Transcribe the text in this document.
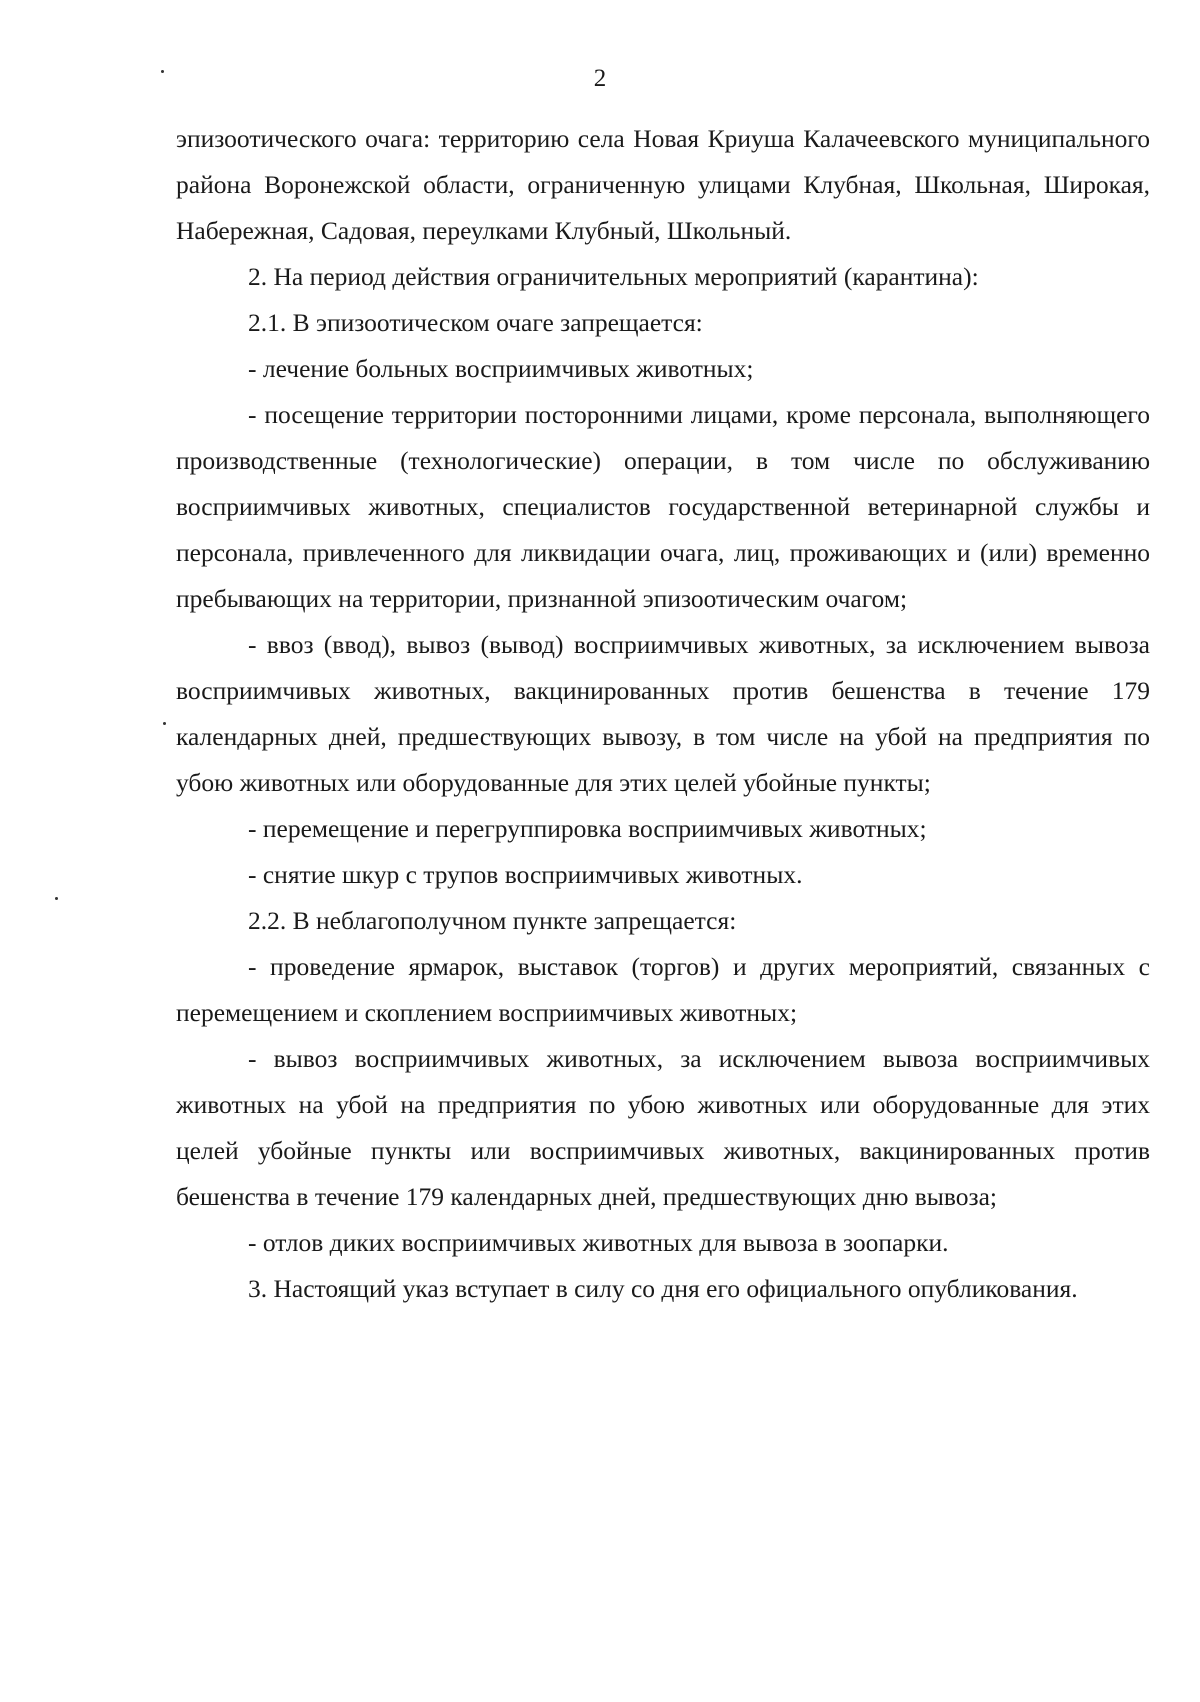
2

эпизоотического очага: территорию села Новая Криуша Калачеевского муниципального района Воронежской области, ограниченную улицами Клубная, Школьная, Широкая, Набережная, Садовая, переулками Клубный, Школьный.

2. На период действия ограничительных мероприятий (карантина):

2.1. В эпизоотическом очаге запрещается:

- лечение больных восприимчивых животных;

- посещение территории посторонними лицами, кроме персонала, выполняющего производственные (технологические) операции, в том числе по обслуживанию восприимчивых животных, специалистов государственной ветеринарной службы и персонала, привлеченного для ликвидации очага, лиц, проживающих и (или) временно пребывающих на территории, признанной эпизоотическим очагом;

- ввоз (ввод), вывоз (вывод) восприимчивых животных, за исключением вывоза восприимчивых животных, вакцинированных против бешенства в течение 179 календарных дней, предшествующих вывозу, в том числе на убой на предприятия по убою животных или оборудованные для этих целей убойные пункты;

- перемещение и перегруппировка восприимчивых животных;

- снятие шкур с трупов восприимчивых животных.

2.2. В неблагополучном пункте запрещается:

- проведение ярмарок, выставок (торгов) и других мероприятий, связанных с перемещением и скоплением восприимчивых животных;

- вывоз восприимчивых животных, за исключением вывоза восприимчивых животных на убой на предприятия по убою животных или оборудованные для этих целей убойные пункты или восприимчивых животных, вакцинированных против бешенства в течение 179 календарных дней, предшествующих дню вывоза;

- отлов диких восприимчивых животных для вывоза в зоопарки.

3. Настоящий указ вступает в силу со дня его официального опубликования.
